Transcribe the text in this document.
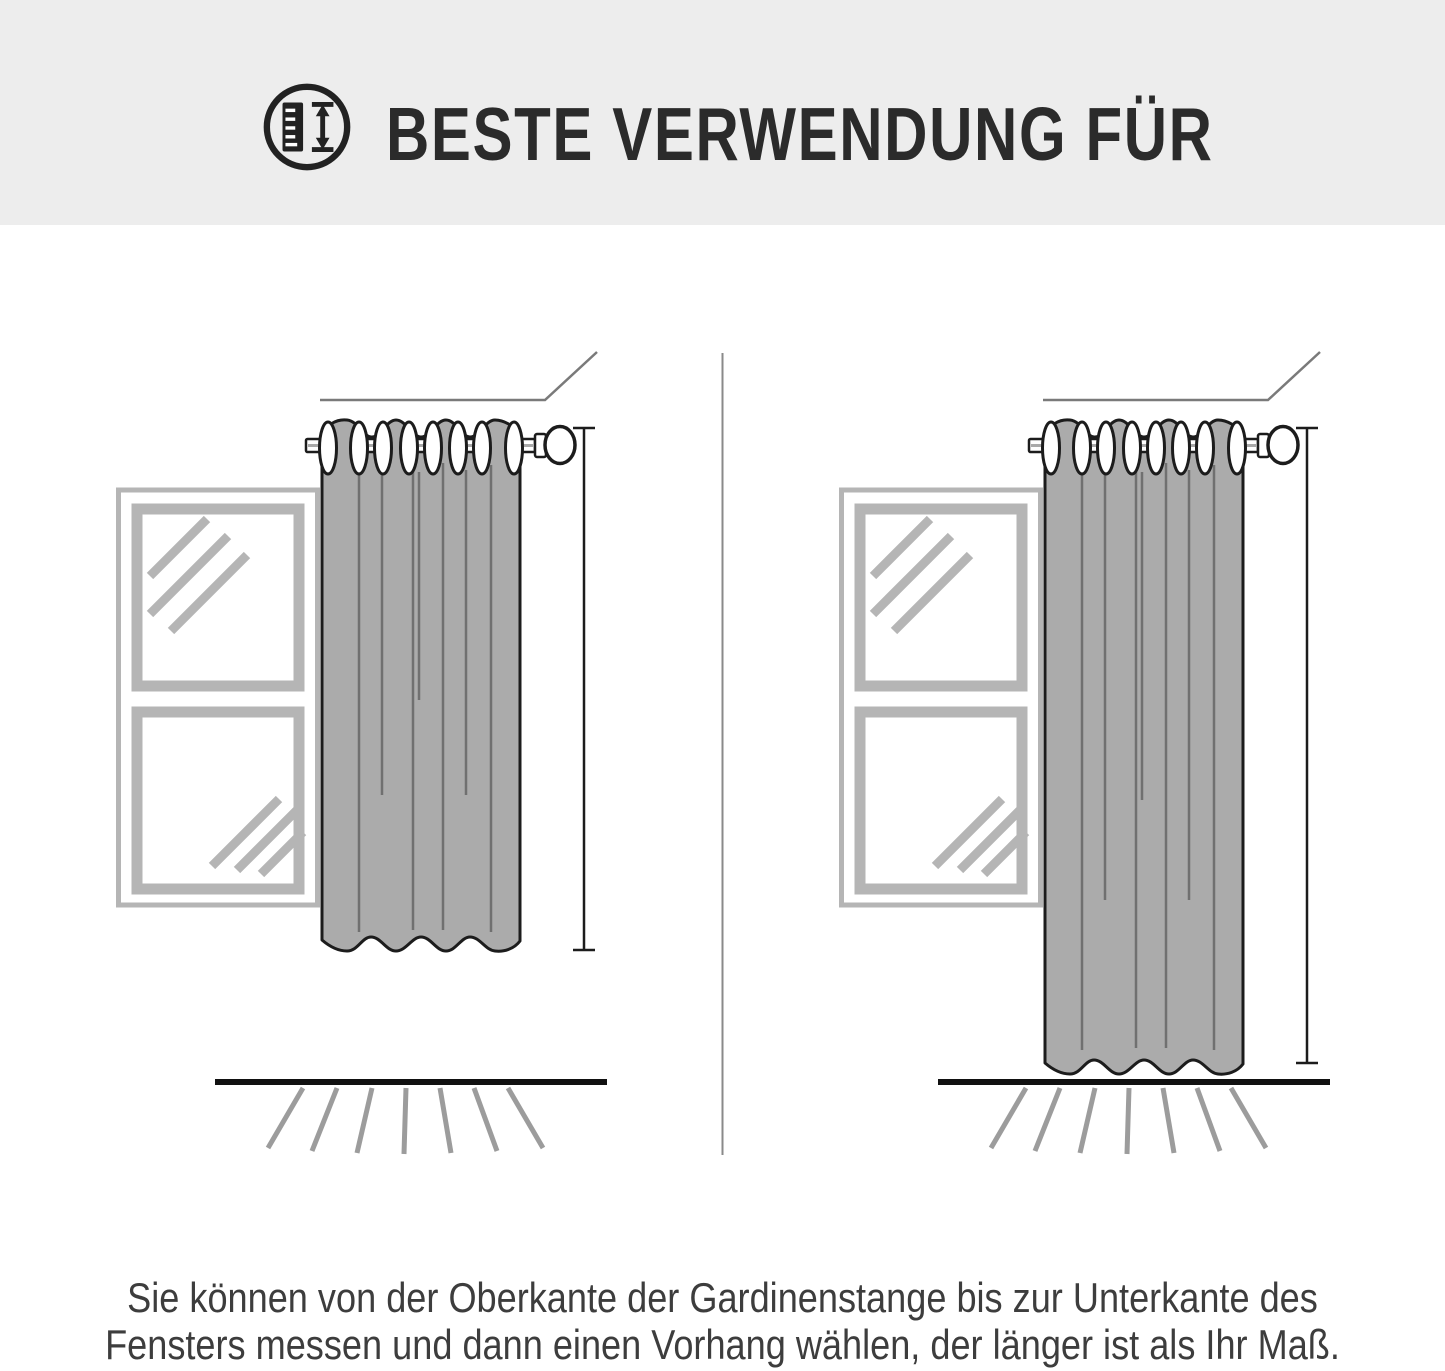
BESTE VERWENDUNG FÜR

Sie können von der Oberkante der Gardinenstange bis zur Unterkante des
Fensters messen und dann einen Vorhang wählen, der länger ist als Ihr Maß.
